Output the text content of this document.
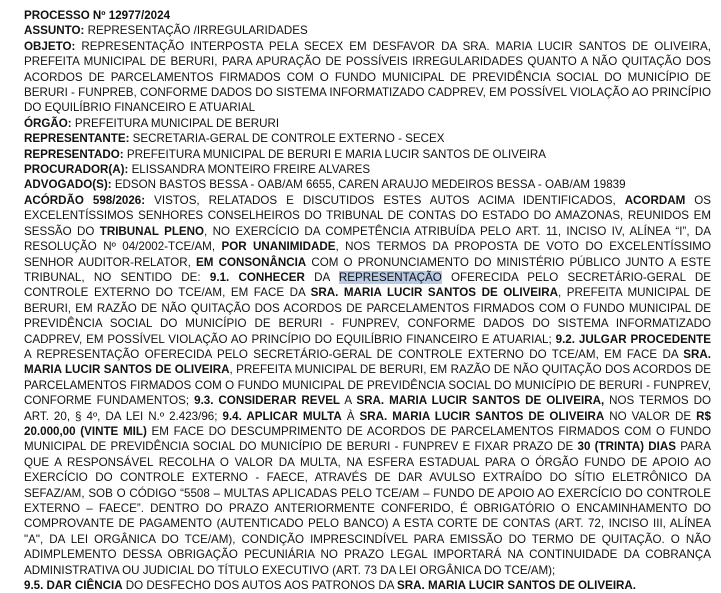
PROCESSO Nº 12977/2024

ASSUNTO: REPRESENTAÇÃO /IRREGULARIDADES

OBJETO: REPRESENTAÇÃO INTERPOSTA PELA SECEX EM DESFAVOR DA SRA. MARIA LUCIR SANTOS DE OLIVEIRA, PREFEITA MUNICIPAL DE BERURI, PARA APURAÇÃO DE POSSÍVEIS IRREGULARIDADES QUANTO A NÃO QUITAÇÃO DOS ACORDOS DE PARCELAMENTOS FIRMADOS COM O FUNDO MUNICIPAL DE PREVIDÊNCIA SOCIAL DO MUNICÍPIO DE BERURI - FUNPREB, CONFORME DADOS DO SISTEMA INFORMATIZADO CADPREV, EM POSSÍVEL VIOLAÇÃO AO PRINCÍPIO DO EQUILÍBRIO FINANCEIRO E ATUARIAL

ÓRGÃO: PREFEITURA MUNICIPAL DE BERURI

REPRESENTANTE: SECRETARIA-GERAL DE CONTROLE EXTERNO - SECEX

REPRESENTADO: PREFEITURA MUNICIPAL DE BERURI E MARIA LUCIR SANTOS DE OLIVEIRA

PROCURADOR(A): ELISSANDRA MONTEIRO FREIRE ALVARES

ADVOGADO(S): EDSON BASTOS BESSA - OAB/AM 6655, CAREN ARAUJO MEDEIROS BESSA - OAB/AM 19839

ACÓRDÃO 598/2026: VISTOS, RELATADOS E DISCUTIDOS ESTES AUTOS ACIMA IDENTIFICADOS, ACORDAM OS EXCELENTÍSSIMOS SENHORES CONSELHEIROS DO TRIBUNAL DE CONTAS DO ESTADO DO AMAZONAS, REUNIDOS EM SESSÃO DO TRIBUNAL PLENO, NO EXERCÍCIO DA COMPETÊNCIA ATRIBUÍDA PELO ART. 11, INCISO IV, ALÍNEA “I”, DA RESOLUÇÃO Nº 04/2002-TCE/AM, POR UNANIMIDADE, NOS TERMOS DA PROPOSTA DE VOTO DO EXCELENTÍSSIMO SENHOR AUDITOR-RELATOR, EM CONSONÂNCIA COM O PRONUNCIAMENTO DO MINISTÉRIO PÚBLICO JUNTO A ESTE TRIBUNAL, NO SENTIDO DE: 9.1. CONHECER DA REPRESENTAÇÃO OFERECIDA PELO SECRETÁRIO-GERAL DE CONTROLE EXTERNO DO TCE/AM, EM FACE DA SRA. MARIA LUCIR SANTOS DE OLIVEIRA, PREFEITA MUNICIPAL DE BERURI, EM RAZÃO DE NÃO QUITAÇÃO DOS ACORDOS DE PARCELAMENTOS FIRMADOS COM O FUNDO MUNICIPAL DE PREVIDÊNCIA SOCIAL DO MUNICÍPIO DE BERURI - FUNPREV, CONFORME DADOS DO SISTEMA INFORMATIZADO CADPREV, EM POSSÍVEL VIOLAÇÃO AO PRINCÍPIO DO EQUILÍBRIO FINANCEIRO E ATUARIAL; 9.2. JULGAR PROCEDENTE A REPRESENTAÇÃO OFERECIDA PELO SECRETÁRIO-GERAL DE CONTROLE EXTERNO DO TCE/AM, EM FACE DA SRA. MARIA LUCIR SANTOS DE OLIVEIRA, PREFEITA MUNICIPAL DE BERURI, EM RAZÃO DE NÃO QUITAÇÃO DOS ACORDOS DE PARCELAMENTOS FIRMADOS COM O FUNDO MUNICIPAL DE PREVIDÊNCIA SOCIAL DO MUNICÍPIO DE BERURI - FUNPREV, CONFORME FUNDAMENTOS; 9.3. CONSIDERAR REVEL A SRA. MARIA LUCIR SANTOS DE OLIVEIRA, NOS TERMOS DO ART. 20, § 4º, DA LEI N.º 2.423/96; 9.4. APLICAR MULTA À SRA. MARIA LUCIR SANTOS DE OLIVEIRA NO VALOR DE R$ 20.000,00 (VINTE MIL) EM FACE DO DESCUMPRIMENTO DE ACORDOS DE PARCELAMENTOS FIRMADOS COM O FUNDO MUNICIPAL DE PREVIDÊNCIA SOCIAL DO MUNICÍPIO DE BERURI - FUNPREV E FIXAR PRAZO DE 30 (TRINTA) DIAS PARA QUE A RESPONSÁVEL RECOLHA O VALOR DA MULTA, NA ESFERA ESTADUAL PARA O ÓRGÃO FUNDO DE APOIO AO EXERCÍCIO DO CONTROLE EXTERNO - FAECE, ATRAVÉS DE DAR AVULSO EXTRAÍDO DO SÍTIO ELETRÔNICO DA SEFAZ/AM, SOB O CÓDIGO “5508 – MULTAS APLICADAS PELO TCE/AM – FUNDO DE APOIO AO EXERCÍCIO DO CONTROLE EXTERNO – FAECE”. DENTRO DO PRAZO ANTERIORMENTE CONFERIDO, É OBRIGATÓRIO O ENCAMINHAMENTO DO COMPROVANTE DE PAGAMENTO (AUTENTICADO PELO BANCO) A ESTA CORTE DE CONTAS (ART. 72, INCISO III, ALÍNEA "A", DA LEI ORGÂNICA DO TCE/AM), CONDIÇÃO IMPRESCINDÍVEL PARA EMISSÃO DO TERMO DE QUITAÇÃO. O NÃO ADIMPLEMENTO DESSA OBRIGAÇÃO PECUNIÁRIA NO PRAZO LEGAL IMPORTARÁ NA CONTINUIDADE DA COBRANÇA ADMINISTRATIVA OU JUDICIAL DO TÍTULO EXECUTIVO (ART. 73 DA LEI ORGÂNICA DO TCE/AM);

9.5. DAR CIÊNCIA DO DESFECHO DOS AUTOS AOS PATRONOS DA SRA. MARIA LUCIR SANTOS DE OLIVEIRA.
